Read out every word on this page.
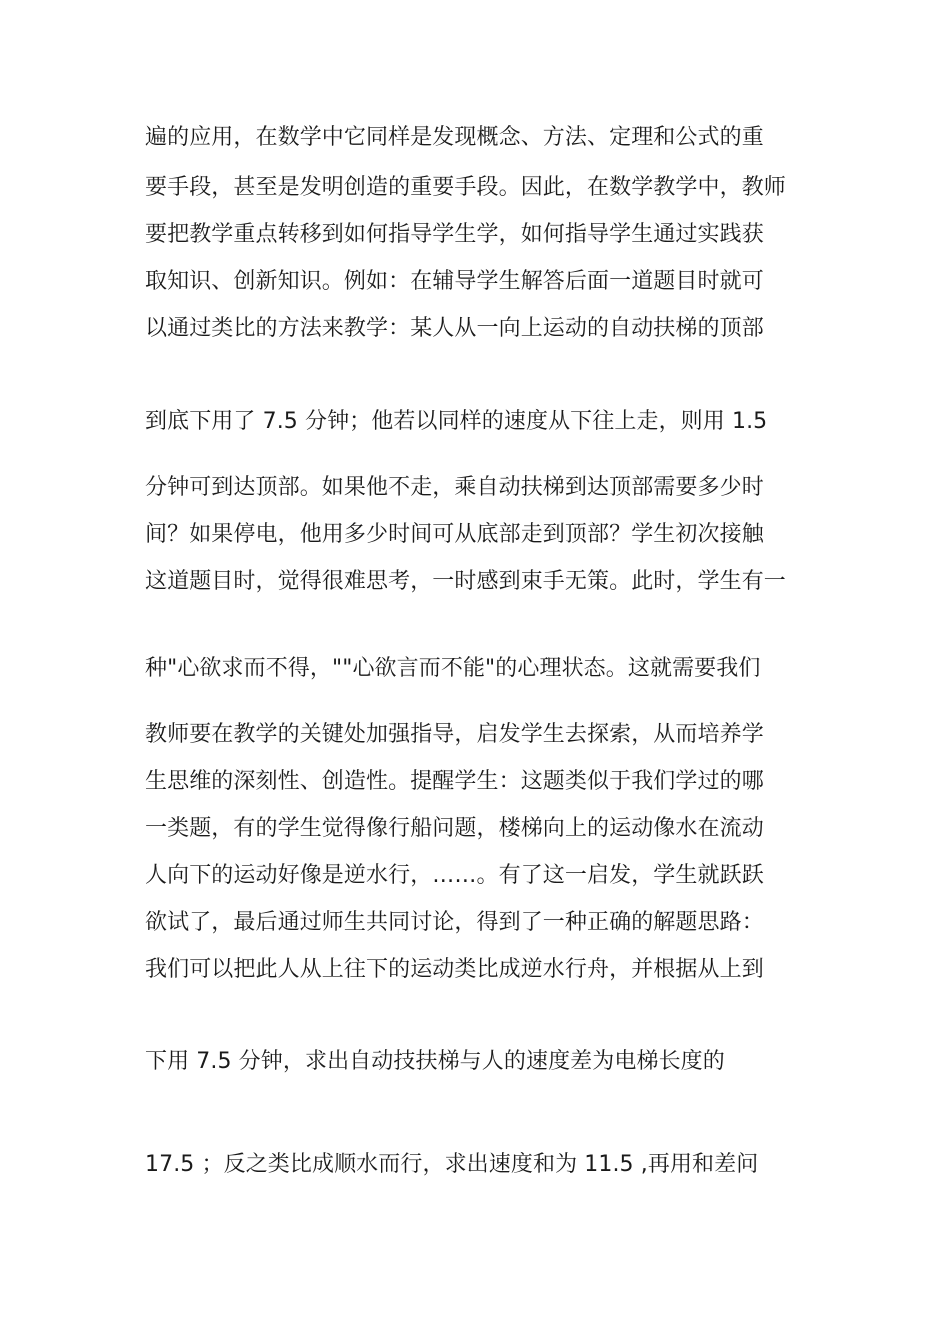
遍的应用，在数学中它同样是发现概念、方法、定理和公式的重
要手段，甚至是发明创造的重要手段。因此，在数学教学中，教师
要把教学重点转移到如何指导学生学，如何指导学生通过实践获
取知识、创新知识。例如：在辅导学生解答后面一道题目时就可
以通过类比的方法来教学：某人从一向上运动的自动扶梯的顶部
到底下用了 7.5 分钟；他若以同样的速度从下往上走，则用 1.5
分钟可到达顶部。如果他不走，乘自动扶梯到达顶部需要多少时
间？如果停电，他用多少时间可从底部走到顶部？学生初次接触
这道题目时，觉得很难思考，一时感到束手无策。此时，学生有一
种"心欲求而不得，""心欲言而不能"的心理状态。这就需要我们
教师要在教学的关键处加强指导，启发学生去探索，从而培养学
生思维的深刻性、创造性。提醒学生：这题类似于我们学过的哪
一类题，有的学生觉得像行船问题，楼梯向上的运动像水在流动
人向下的运动好像是逆水行，……。有了这一启发，学生就跃跃
欲试了，最后通过师生共同讨论，得到了一种正确的解题思路：
我们可以把此人从上往下的运动类比成逆水行舟，并根据从上到
下用 7.5 分钟，求出自动技扶梯与人的速度差为电梯长度的
17.5 ；反之类比成顺水而行，求出速度和为 11.5 ,再用和差问
